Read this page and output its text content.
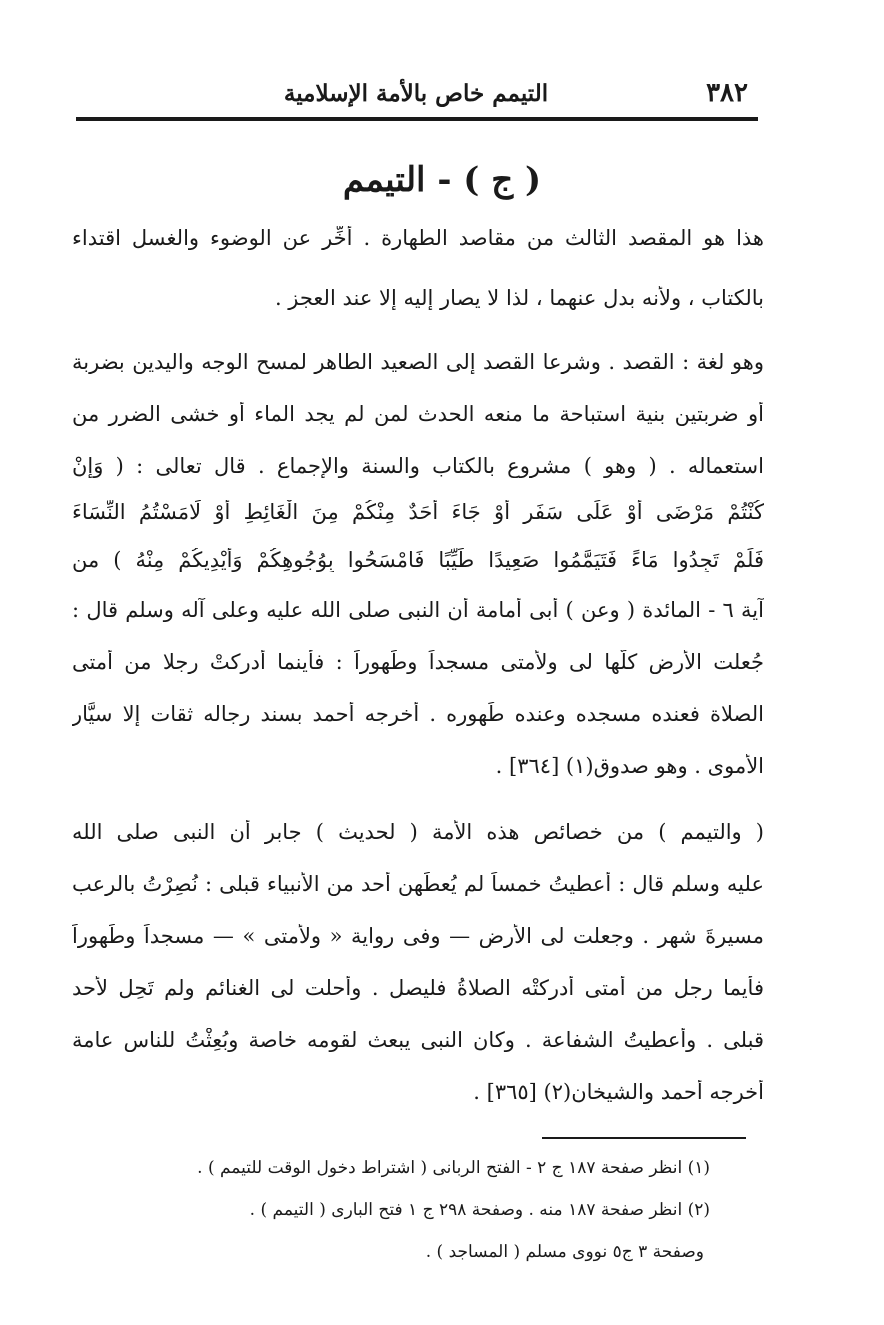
٣٨٢
التيمم خاص بالأمة الإسلامية
( ج ) - التيمم
هذا هو المقصد الثالث من مقاصد الطهارة . أُخِّر عن الوضوء والغسل اقتداء
بالكتاب ، ولأنه بدل عنهما ، لذا لا يصار إليه إلا عند العجز .
وهو لغة : القصد . وشرعا القصد إلى الصعيد الطاهر لمسح الوجه واليدين بضربة
أو ضربتين بنية استباحة ما منعه الحدث لمن لم يجد الماء أو خشى الضرر من
استعماله . ( وهو ) مشروع بالكتاب والسنة والإجماع . قال تعالى : ( وَإِنْ
كُنْتُمْ مَرْضَى أَوْ عَلَى سَفَرٍ أَوْ جَاءَ أَحَدٌ مِنْكُمْ مِنَ الْغَائِطِ أَوْ لَامَسْتُمُ النِّسَاءَ
فَلَمْ تَجِدُوا مَاءً فَتَيَمَّمُوا صَعِيدًا طَيِّبًا فَامْسَحُوا بِوُجُوهِكُمْ وَأَيْدِيكُمْ مِنْهُ ) من
آية ٦ - المائدة ( وعن ) أبى أمامة أن النبى صلى الله عليه وعلى آله وسلم قال :
جُعلت الأرض كلُّها لى ولأمتى مسجداً وطَهوراً : فأينما أدركتْ رجلا من أمتى
الصلاة فعنده مسجده وعنده طَهوره . أخرجه أحمد بسند رجاله ثقات إلا سيَّار
الأموى . وهو صدوق(١) [٣٦٤] .
( والتيمم ) من خصائص هذه الأمة ( لحديث ) جابر أن النبى صلى الله
عليه وسلم قال : أُعطيتُ خمساً لم يُعطَهن أحد من الأنبياء قبلى : نُصِرْتُ بالرعب
مسيرةَ شهر . وجعلت لى الأرض — وفى رواية « ولأمتى » — مسجداً وطَهوراً
فأيما رجل من أمتى أدركتْه الصلاةُ فليصل . وأحلت لى الغنائم ولم تَحِل لأحد
قبلى . وأُعطيتُ الشفاعة . وكان النبى يبعث لقومه خاصة وبُعِثْتُ للناس عامة
أخرجه أحمد والشيخان(٢) [٣٦٥] .
(١) انظر صفحة ١٨٧ ج ٢ - الفتح الربانى ( اشتراط دخول الوقت للتيمم ) .
(٢) انظر صفحة ١٨٧ منه . وصفحة ٢٩٨ ج ١ فتح البارى ( التيمم ) .
وصفحة ٣ ج٥ نووى مسلم ( المساجد ) .
